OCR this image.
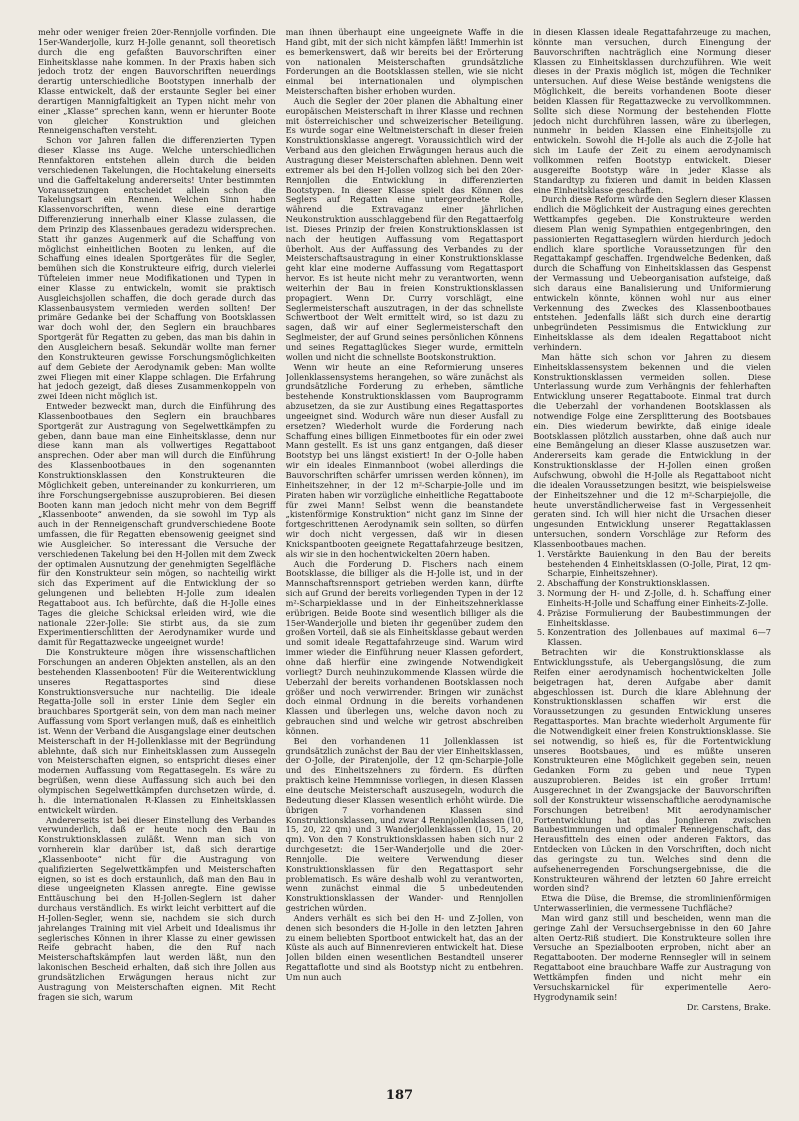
mehr oder weniger freien 20er-Rennjolle vorfinden. Die 15er-Wanderjolle, kurz H-Jolle genannt, soll theoretisch durch die eng gefaßten Bauvorschriften einer Einheitsklasse nahe kommen. In der Praxis haben sich jedoch trotz der engen Bauvorschriften neuerdings derartig unterschiedliche Bootstypen innerhalb der Klasse entwickelt, daß der erstaunte Segler bei einer derartigen Mannigfaltigkeit an Typen nicht mehr von einer „Klasse“ sprechen kann, wenn er hierunter Boote von gleicher Konstruktion und gleichen Renneigenschaften versteht.

Schon vor Jahren fallen die differenzierten Typen dieser Klasse ins Auge. Welche unterschiedlichen Rennfaktoren entstehen allein durch die beiden verschiedenen Takelungen, die Hochtakelung einerseits und die Gaffeltakelung andererseits! Unter bestimmten Voraussetzungen entscheidet allein schon die Takelungsart ein Rennen. Welchen Sinn haben Klassenvorschriften, wenn diese eine derartige Differenzierung innerhalb einer Klasse zulassen, die dem Prinzip des Klassenbaues geradezu widersprechen. Statt ihr ganzes Augenmerk auf die Schaffung von möglichst einheitlichen Booten zu lenken, auf die Schaffung eines idealen Sportgerätes für die Segler, bemühen sich die Konstrukteure eifrig, durch vielerlei Tüfteleien immer neue Modifikationen und Typen in einer Klasse zu entwickeln, womit sie praktisch Ausgleichsjollen schaffen, die doch gerade durch das Klassenbausystem vermieden werden sollten! Der primäre Gedanke bei der Schaffung von Bootsklassen war doch wohl der, den Seglern ein brauchbares Sportgerät für Regatten zu geben, das man bis dahin in den Ausgleichern besaß. Sekundär wollte man ferner den Konstrukteuren gewisse Forschungsmöglichkeiten auf dem Gebiete der Aerodynamik geben: Man wollte zwei Fliegen mit einer Klappe schlagen. Die Erfahrung hat jedoch gezeigt, daß dieses Zusammenkoppeln von zwei Ideen nicht möglich ist.

Entweder bezweckt man, durch die Einführung des Klassenbootbaues den Seglern ein brauchbares Sportgerät zur Austragung von Segelwettkämpfen zu geben, dann baue man eine Einheitsklasse, denn nur diese kann man als vollwertiges Regattaboot ansprechen. Oder aber man will durch die Einführung des Klassenbootbaues in den sogenannten Konstruktionsklassen den Konstrukteuren die Möglichkeit geben, untereinander zu konkurrieren, um ihre Forschungsergebnisse auszuprobieren. Bei diesen Booten kann man jedoch nicht mehr von dem Begriff „Klassenboote“ anwenden, da sie sowohl im Typ als auch in der Renneigenschaft grundverschiedene Boote umfassen, die für Regatten ebensowenig geeignet sind wie Ausgleicher. So interessant die Versuche der verschiedenen Takelung bei den H-Jollen mit dem Zweck der optimalen Ausnutzung der genehmigten Segelfläche für den Konstrukteur sein mögen, so nachteilig wirkt sich das Experiment auf die Entwicklung der so gelungenen und beliebten H-Jolle zum idealen Regattaboot aus. Ich befürchte, daß die H-Jolle eines Tages die gleiche Schicksal erleiden wird, wie die nationale 22er-Jolle: Sie stirbt aus, da sie zum Experimentierschlitten der Aerodynamiker wurde und damit für Regattazwecke ungeeignet wurde!

Die Konstrukteure mögen ihre wissenschaftlichen Forschungen an anderen Objekten anstellen, als an den bestehenden Klassenbooten! Für die Weiterentwicklung unseres Regattasportes sind diese Konstruktionsversuche nur nachteilig. Die ideale Regatta-Jolle soll in erster Linie dem Segler ein brauchbares Sportgerät sein, von dem man nach meiner Auffassung vom Sport verlangen muß, daß es einheitlich ist. Wenn der Verband die Ausgangslage einer deutschen Meisterschaft in der H-Jollenklasse mit der Begründung ablehnte, daß sich nur Einheitsklassen zum Aussegeln von Meisterschaften eignen, so entspricht dieses einer modernen Auffassung vom Regattasegeln. Es wäre zu begrüßen, wenn diese Auffassung sich auch bei den olympischen Segelwettkämpfen durchsetzen würde, d. h. die internationalen R-Klassen zu Einheitsklassen entwickelt würden.

Andererseits ist bei dieser Einstellung des Verbandes verwunderlich, daß er heute noch den Bau in Konstruktionsklassen zuläßt. Wenn man sich von vornherein klar darüber ist, daß sich derartige „Klassenboote“ nicht für die Austragung von qualifizierten Segelwettkämpfen und Meisterschaften eignen, so ist es doch erstaunlich, daß man den Bau in diese ungeeigneten Klassen anregte. Eine gewisse Enttäuschung bei den H-Jollen-Seglern ist daher durchaus verständlich. Es wirkt leicht verbittert auf die H-Jollen-Segler, wenn sie, nachdem sie sich durch jahrelanges Training mit viel Arbeit und Idealismus ihr seglerisches Können in ihrer Klasse zu einer gewissen Reife gebracht haben, die den Ruf nach Meisterschaftskämpfen laut werden läßt, nun den lakonischen Bescheid erhalten, daß sich ihre Jollen aus grundsätzlichen Erwägungen heraus nicht zur Austragung von Meisterschaften eignen. Mit Recht fragen sie sich, warum

man ihnen überhaupt eine ungeeignete Waffe in die Hand gibt, mit der sich nicht kämpfen läßt! Immerhin ist es bemerkenswert, daß wir bereits bei der Erörterung von nationalen Meisterschaften grundsätzliche Forderungen an die Bootsklassen stellen, wie sie nicht einmal bei internationalen und olympischen Meisterschaften bisher erhoben wurden.

Auch die Segler der 20er planen die Abhaltung einer europäischen Meisterschaft in ihrer Klasse und rechnen mit österreichischer und schweizerischer Beteiligung. Es wurde sogar eine Weltmeisterschaft in dieser freien Konstruktionsklasse angeregt. Voraussichtlich wird der Verband aus den gleichen Erwägungen heraus auch die Austragung dieser Meisterschaften ablehnen. Denn weit extremer als bei den H-Jollen vollzog sich bei den 20er-Rennjollen die Entwicklung in differenzierten Bootstypen. In dieser Klasse spielt das Können des Seglers auf Regatten eine untergeordnete Rolle, während die Extravaganz einer jährlichen Neukonstruktion ausschlaggebend für den Regattaerfolg ist. Dieses Prinzip der freien Konstruktionsklassen ist nach der heutigen Auffassung vom Regattasport überholt. Aus der Auffassung des Verbandes zu der Meisterschaftsaustragung in einer Konstruktionsklasse geht klar eine moderne Auffassung vom Regattasport hervor. Es ist heute nicht mehr zu verantworten, wenn weiterhin der Bau in freien Konstruktionsklassen propagiert. Wenn Dr. Curry vorschlägt, eine Seglermeisterschaft auszutragen, in der das schnellste Schwertboot der Welt ermittelt wird, so ist dazu zu sagen, daß wir auf einer Seglermeisterschaft den Seglmeister, der auf Grund seines persönlichen Könnens und seines Regattaglückes Sieger wurde, ermitteln wollen und nicht die schnellste Bootskonstruktion.

Wenn wir heute an eine Reformierung unseres Jollenklassensystems herangehen, so wäre zunächst als grundsätzliche Forderung zu erheben, sämtliche bestehende Konstruktionsklassen vom Bauprogramm abzusetzen, da sie zur Austibung eines Regattasportes ungeeignet sind. Wodurch wäre nun dieser Ausfall zu ersetzen? Wiederholt wurde die Forderung nach Schaffung eines billigen Einmetbootes für ein oder zwei Mann gestellt. Es ist uns ganz entgangen, daß dieser Bootstyp bei uns längst existiert! In der O-Jolle haben wir ein ideales Einmannboot (wobei allerdings die Bauvorschriften schärfer umrissen werden können), im Einheitszehner, in der 12 m²-Scharpie-Jolle und im Piraten haben wir vorzügliche einheitliche Regattaboote für zwei Mann! Selbst wenn die beanstandete „kistenförmige Konstruktion“ nicht ganz im Sinne der fortgeschrittenen Aerodynamik sein sollten, so dürfen wir doch nicht vergessen, daß wir in diesen Knickspantbooten geeignete Regattafahrzeuge besitzen, als wir sie in den hochentwickelten 20ern haben.

Auch die Forderung D. Fischers nach einem Bootsklasse, die billiger als die H-Jolle ist, und in der Mannschaftsrennsport getrieben werden kann, dürfte sich auf Grund der bereits vorliegenden Typen in der 12 m²-Scharpieklasse und in der Einheitszehnerklasse erübrigen. Beide Boote sind wesentlich billiger als die 15er-Wanderjolle und bieten ihr gegenüber zudem den großen Vorteil, daß sie als Einheitsklasse gebaut werden und somit ideale Regattafahrzeuge sind. Warum wird immer wieder die Einführung neuer Klassen gefordert, ohne daß hierfür eine zwingende Notwendigkeit vorliegt? Durch neuhinzukommende Klassen würde die Ueberzahl der bereits vorhandenen Bootsklassen noch größer und noch verwirrender. Bringen wir zunächst doch einmal Ordnung in die bereits vorhandenen Klassen und überlegen uns, welche davon noch zu gebrauchen sind und welche wir getrost abschreiben können.

Bei den vorhandenen 11 Jollenklassen ist grundsätzlich zunächst der Bau der vier Einheitsklassen, der O-Jolle, der Piratenjolle, der 12 qm-Scharpie-Jolle und des Einheitszehners zu fördern. Es dürften praktisch keine Hemmnisse vorliegen, in diesen Klassen eine deutsche Meisterschaft auszusegeln, wodurch die Bedeutung dieser Klassen wesentlich erhöht würde. Die übrigen 7 vorhandenen Klassen sind Konstruktionsklassen, und zwar 4 Rennjollenklassen (10, 15, 20, 22 qm) und 3 Wanderjollenklassen (10, 15, 20 qm). Von den 7 Konstruktionsklassen haben sich nur 2 durchgesetzt: die 15er-Wanderjolle und die 20er-Rennjolle. Die weitere Verwendung dieser Konstruktionsklassen für den Regattasport sehr problematisch. Es wäre deshalb wohl zu verantworten, wenn zunächst einmal die 5 unbedeutenden Konstruktionsklassen der Wander- und Rennjollen gestrichen würden.

Anders verhält es sich bei den H- und Z-Jollen, von denen sich besonders die H-Jolle in den letzten Jahren zu einem beliebten Sportboot entwickelt hat, das an der Küste als auch auf Binnenrevieren entwickelt hat. Diese Jollen bilden einen wesentlichen Bestandteil unserer Regattaflotte und sind als Bootstyp nicht zu entbehren. Um nun auch

in diesen Klassen ideale Regattafahrzeuge zu machen, könnte man versuchen, durch Einengung der Bauvorschriften nachträglich eine Normung dieser Klassen zu Einheitsklassen durchzuführen. Wie weit dieses in der Praxis möglich ist, mögen die Techniker untersuchen. Auf diese Weise bestände wenigstens die Möglichkeit, die bereits vorhandenen Boote dieser beiden Klassen für Regattazwecke zu vervollkommnen. Sollte sich diese Normung der bestehenden Flotte jedoch nicht durchführen lassen, wäre zu überlegen, nunmehr in beiden Klassen eine Einheitsjolle zu entwickeln. Sowohl die H-Jolle als auch die Z-Jolle hat sich im Laufe der Zeit zu einem aerodynamisch vollkommen reifen Bootstyp entwickelt. Dieser ausgereifte Bootstyp wäre in jeder Klasse als Standardtyp zu fixieren und damit in beiden Klassen eine Einheitsklasse geschaffen.

Durch diese Reform würde den Seglern dieser Klassen endlich die Möglichkeit der Austragung eines gerechten Wettkampfes gegeben. Die Konstrukteure werden diesem Plan wenig Sympathien entgegenbringen, den passionierten Regattaseglern würden hierdurch jedoch endlich klare sportliche Voraussetzungen für den Regattakampf geschaffen. Irgendwelche Bedenken, daß durch die Schaffung von Einheitsklassen das Gespenst der Vermassung und Uebeorganisation aufsteige, daß sich daraus eine Banalisierung und Uniformierung entwickeln könnte, können wohl nur aus einer Verkennung des Zweckes des Klassenbootbaues entstehen. Jedenfalls läßt sich durch eine derartig unbegründeten Pessimismus die Entwicklung zur Einheitsklasse als dem idealen Regattaboot nicht verhindern.

Man hätte sich schon vor Jahren zu diesem Einheitsklassensystem bekennen und die vielen Konstruktionsklassen vermeiden sollen. Diese Unterlassung wurde zum Verhängnis der fehlerhaften Entwicklung unserer Regattaboote. Einmal trat durch die Ueberzahl der vorhandenen Bootsklassen als notwendige Folge eine Zersplitterung des Bootsbaues ein. Dies wiederum bewirkte, daß einige ideale Bootsklassen plötzlich ausstarben, ohne daß auch nur eine Bemängelung an dieser Klasse auszusetzen war. Andererseits kam gerade die Entwicklung in der Konstruktionsklasse der H-Jollen einen großen Aufschwung, obwohl die H-Jolle als Regattaboot nicht die idealen Voraussetzungen besitzt, wie beispielsweise der Einheitszehner und die 12 m²-Scharpiejolle, die heute unverständlicherweise fast in Vergessenheit geraten sind. Ich will hier nicht die Ursachen dieser ungesunden Entwicklung unserer Regattaklassen untersuchen, sondern Vorschläge zur Reform des Klassenbootbaues machen.

1. Verstärkte Bauienkung in den Bau der bereits bestehenden 4 Einheitsklassen (O-Jolle, Pirat, 12 qm-Scharpie, Einheitszehner).
2. Abschaffung der Konstruktionsklassen.
3. Normung der H- und Z-Jolle, d. h. Schaffung einer Einheits-H-Jolle und Schaffung einer Einheits-Z-Jolle.
4. Präzise Formulierung der Baubestimmungen der Einheitsklasse.
5. Konzentration des Jollenbaues auf maximal 6—7 Klassen.

Betrachten wir die Konstruktionsklasse als Entwicklungsstufe, als Uebergangslösung, die zum Reifen einer aerodynamisch hochentwickelten Jolle beigetragen hat, deren Aufgabe aber damit abgeschlossen ist. Durch die klare Ablehnung der Konstruktionsklassen schaffen wir erst die Voraussetzungen zu gesunden Entwicklung unseres Regattasportes. Man brachte wiederholt Argumente für die Notwendigkeit einer freien Konstruktionsklasse. Sie sei notwendig, so hieß es, für die Fortentwicklung unseres Bootsbaues, und es müßte unseren Konstrukteuren eine Möglichkeit gegeben sein, neuen Gedanken Form zu geben und neue Typen auszuprobieren. Beides ist ein großer Irrtum! Ausgerechnet in der Zwangsjacke der Bauvorschriften soll der Konstrukteur wissenschaftliche aerodynamische Forschungen betreiben! Mit aerodynamischer Fortentwicklung hat das Jonglieren zwischen Baubestimmungen und optimaler Renneigenschaft, das Herausfitteln des einen oder anderen Faktors, das Entdecken von Lücken in den Vorschriften, doch nicht das geringste zu tun. Welches sind denn die aufsehenerregenden Forschungsergebnisse, die die Konstrukteuren während der letzten 60 Jahre erreicht worden sind?

Etwa die Düse, die Bremse, die stromlinienförmigen Unterwasserlinien, die vermessene Tuchfläche?

Man wird ganz still und bescheiden, wenn man die geringe Zahl der Versuchsergebnisse in den 60 Jahre alten Oertz-Riß studiert. Die Konstrukteure sollen ihre Versuche an Spezialbooten erproben, nicht aber an Regattabooten. Der moderne Rennsegler will in seinem Regattaboot eine brauchbare Waffe zur Austragung von Wettkämpfen finden und nicht mehr ein Versuchskarnickel für experimentelle Aero-Hygrodynamik sein!

Dr. Carstens, Brake.

187
